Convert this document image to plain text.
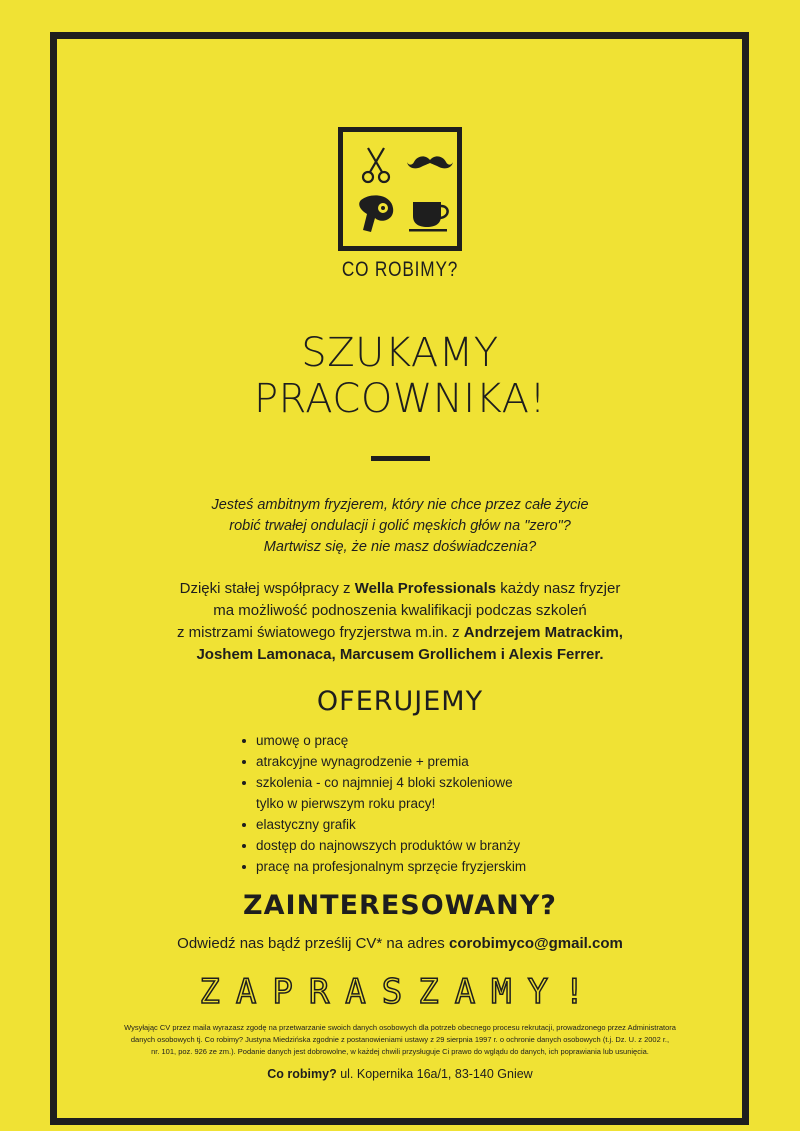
CO ROBIMY?
SZUKAMY
PRACOWNIKA!
Jesteś ambitnym fryzjerem, który nie chce przez całe życie
robić trwałej ondulacji i golić męskich głów na "zero"?
Martwisz się, że nie masz doświadczenia?
Dzięki stałej współpracy z Wella Professionals każdy nasz fryzjer
ma możliwość podnoszenia kwalifikacji podczas szkoleń
z mistrzami światowego fryzjerstwa m.in. z Andrzejem Matrackim,
Joshem Lamonaca, Marcusem Grollichem i Alexis Ferrer.
OFERUJEMY
umowę o pracę
atrakcyjne wynagrodzenie + premia
szkolenia - co najmniej 4 bloki szkoleniowe
tylko w pierwszym roku pracy!
elastyczny grafik
dostęp do najnowszych produktów w branży
pracę na profesjonalnym sprzęcie fryzjerskim
ZAINTERESOWANY?
Odwiedź nas bądź prześlij CV* na adres corobimyco@gmail.com
ZAPRASZAMY!
Wysyłając CV przez maila wyrazasz zgodę na przetwarzanie swoich danych osobowych dla potrzeb obecnego procesu rekrutacji, prowadzonego przez Administratora
danych osobowych tj. Co robimy? Justyna Miedzińska zgodnie z postanowieniami ustawy z 29 sierpnia 1997 r. o ochronie danych osobowych (t.j. Dz. U. z 2002 r.,
nr. 101, poz. 926 ze zm.). Podanie danych jest dobrowolne, w każdej chwili przysługuje Ci prawo do wglądu do danych, ich poprawiania lub usunięcia.
Co robimy? ul. Kopernika 16a/1, 83-140 Gniew
